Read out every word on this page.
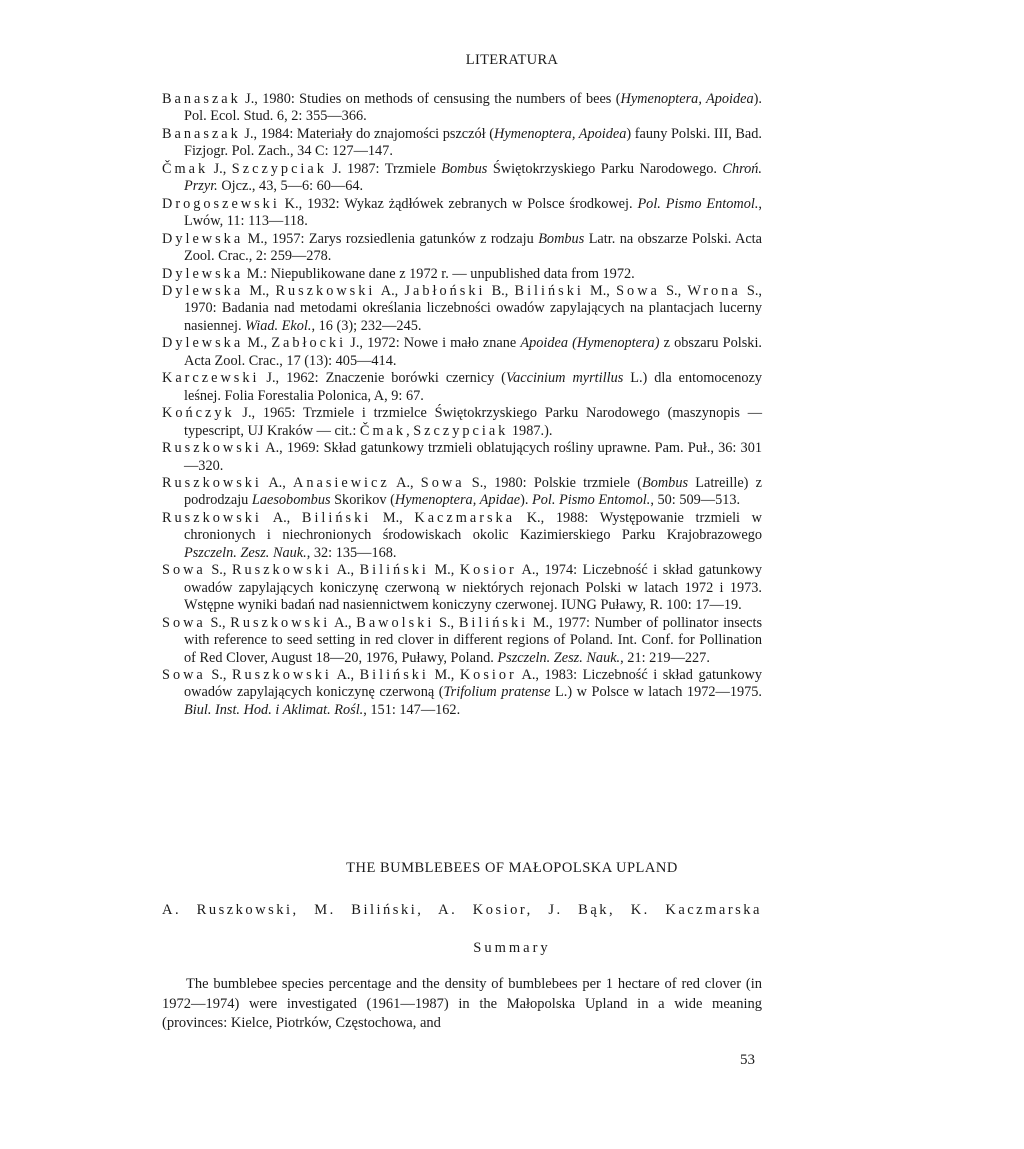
LITERATURA
Banaszak J., 1980: Studies on methods of censusing the numbers of bees (Hymenoptera, Apoidea). Pol. Ecol. Stud. 6, 2: 355—366.
Banaszak J., 1984: Materiały do znajomości pszczół (Hymenoptera, Apoidea) fauny Polski. III, Bad. Fizjogr. Pol. Zach., 34 C: 127—147.
Čmak J., Szczypciak J. 1987: Trzmiele Bombus Świętokrzyskiego Parku Narodowego. Chroń. Przyr. Ojcz., 43, 5—6: 60—64.
Drogoszewski K., 1932: Wykaz żądłówek zebranych w Polsce środkowej. Pol. Pismo Entomol., Lwów, 11: 113—118.
Dylewska M., 1957: Zarys rozsiedlenia gatunków z rodzaju Bombus Latr. na obszarze Polski. Acta Zool. Crac., 2: 259—278.
Dylewska M.: Niepublikowane dane z 1972 r. — unpublished data from 1972.
Dylewska M., Ruszkowski A., Jabłoński B., Biliński M., Sowa S., Wrona S., 1970: Badania nad metodami określania liczebności owadów zapylających na plantacjach lucerny nasiennej. Wiad. Ekol., 16 (3); 232—245.
Dylewska M., Zabłocki J., 1972: Nowe i mało znane Apoidea (Hymenoptera) z obszaru Polski. Acta Zool. Crac., 17 (13): 405—414.
Karczewski J., 1962: Znaczenie borówki czernicy (Vaccinium myrtillus L.) dla entomocenozy leśnej. Folia Forestalia Polonica, A, 9: 67.
Kończyk J., 1965: Trzmiele i trzmielce Świętokrzyskiego Parku Narodowego (maszynopis — typescript, UJ Kraków — cit.: Čmak, Szczypciak 1987.).
Ruszkowski A., 1969: Skład gatunkowy trzmieli oblatujących rośliny uprawne. Pam. Puł., 36: 301—320.
Ruszkowski A., Anasiewicz A., Sowa S., 1980: Polskie trzmiele (Bombus Latreille) z podrodzaju Laesobombus Skorikov (Hymenoptera, Apidae). Pol. Pismo Entomol., 50: 509—513.
Ruszkowski A., Biliński M., Kaczmarska K., 1988: Występowanie trzmieli w chronionych i niechronionych środowiskach okolic Kazimierskiego Parku Krajobrazowego Pszczeln. Zesz. Nauk., 32: 135—168.
Sowa S., Ruszkowski A., Biliński M., Kosior A., 1974: Liczebność i skład gatunkowy owadów zapylających koniczynę czerwoną w niektórych rejonach Polski w latach 1972 i 1973. Wstępne wyniki badań nad nasiennictwem koniczyny czerwonej. IUNG Puławy, R. 100: 17—19.
Sowa S., Ruszkowski A., Bawolski S., Biliński M., 1977: Number of pollinator insects with reference to seed setting in red clover in different regions of Poland. Int. Conf. for Pollination of Red Clover, August 18—20, 1976, Puławy, Poland. Pszczeln. Zesz. Nauk., 21: 219—227.
Sowa S., Ruszkowski A., Biliński M., Kosior A., 1983: Liczebność i skład gatunkowy owadów zapylających koniczynę czerwoną (Trifolium pratense L.) w Polsce w latach 1972—1975. Biul. Inst. Hod. i Aklimat. Rośl., 151: 147—162.
THE BUMBLEBEES OF MAŁOPOLSKA UPLAND
A. Ruszkowski, M. Biliński, A. Kosior, J. Bąk, K. Kaczmarska
Summary

The bumblebee species percentage and the density of bumblebees per 1 hectare of red clover (in 1972—1974) were investigated (1961—1987) in the Małopolska Upland in a wide meaning (provinces: Kielce, Piotrków, Częstochowa, and

53
